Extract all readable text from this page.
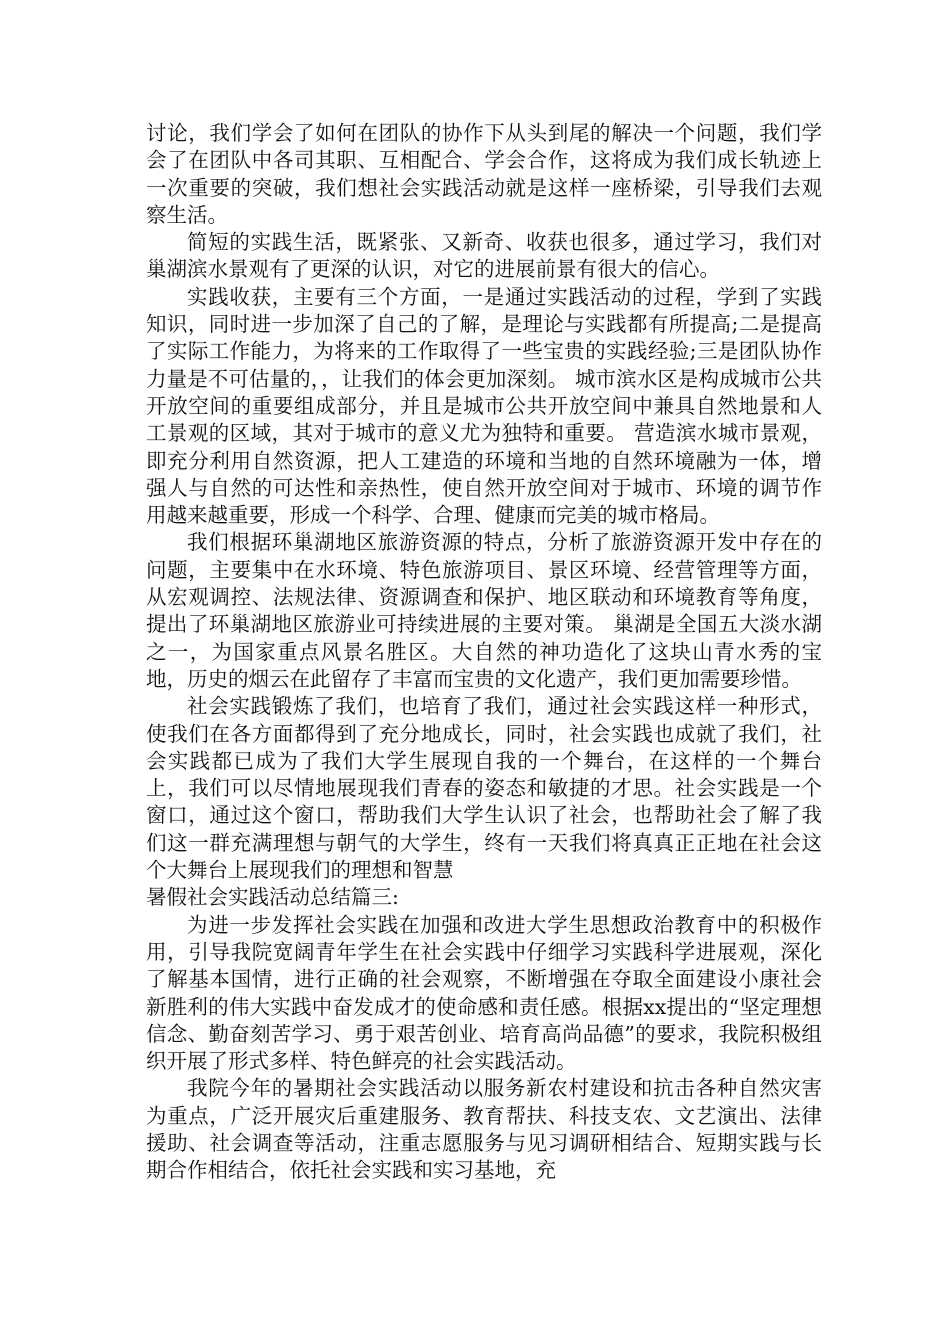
讨论，我们学会了如何在团队的协作下从头到尾的解决一个问题，我们学会了在团队中各司其职、互相配合、学会合作，这将成为我们成长轨迹上一次重要的突破，我们想社会实践活动就是这样一座桥梁，引导我们去观察生活。

简短的实践生活，既紧张、又新奇、收获也很多，通过学习，我们对巢湖滨水景观有了更深的认识，对它的进展前景有很大的信心。

实践收获，主要有三个方面，一是通过实践活动的过程，学到了实践知识，同时进一步加深了自己的了解，是理论与实践都有所提高;二是提高了实际工作能力，为将来的工作取得了一些宝贵的实践经验;三是团队协作力量是不可估量的，，让我们的体会更加深刻。 城市滨水区是构成城市公共开放空间的重要组成部分，并且是城市公共开放空间中兼具自然地景和人工景观的区域，其对于城市的意义尤为独特和重要。 营造滨水城市景观，即充分利用自然资源，把人工建造的环境和当地的自然环境融为一体，增强人与自然的可达性和亲热性，使自然开放空间对于城市、环境的调节作用越来越重要，形成一个科学、合理、健康而完美的城市格局。

我们根据环巢湖地区旅游资源的特点，分析了旅游资源开发中存在的问题，主要集中在水环境、特色旅游项目、景区环境、经营管理等方面，从宏观调控、法规法律、资源调查和保护、地区联动和环境教育等角度，提出了环巢湖地区旅游业可持续进展的主要对策。 巢湖是全国五大淡水湖之一，为国家重点风景名胜区。大自然的神功造化了这块山青水秀的宝地，历史的烟云在此留存了丰富而宝贵的文化遗产，我们更加需要珍惜。

社会实践锻炼了我们，也培育了我们，通过社会实践这样一种形式，使我们在各方面都得到了充分地成长，同时，社会实践也成就了我们，社会实践都已成为了我们大学生展现自我的一个舞台，在这样的一个舞台上，我们可以尽情地展现我们青春的姿态和敏捷的才思。社会实践是一个窗口，通过这个窗口，帮助我们大学生认识了社会，也帮助社会了解了我们这一群充满理想与朝气的大学生，终有一天我们将真真正正地在社会这个大舞台上展现我们的理想和智慧

暑假社会实践活动总结篇三:

为进一步发挥社会实践在加强和改进大学生思想政治教育中的积极作用，引导我院宽阔青年学生在社会实践中仔细学习实践科学进展观，深化了解基本国情，进行正确的社会观察，不断增强在夺取全面建设小康社会新胜利的伟大实践中奋发成才的使命感和责任感。根据xx提出的“坚定理想信念、勤奋刻苦学习、勇于艰苦创业、培育高尚品德”的要求，我院积极组织开展了形式多样、特色鲜亮的社会实践活动。

我院今年的暑期社会实践活动以服务新农村建设和抗击各种自然灾害为重点，广泛开展灾后重建服务、教育帮扶、科技支农、文艺演出、法律援助、社会调查等活动，注重志愿服务与见习调研相结合、短期实践与长期合作相结合，依托社会实践和实习基地，充
